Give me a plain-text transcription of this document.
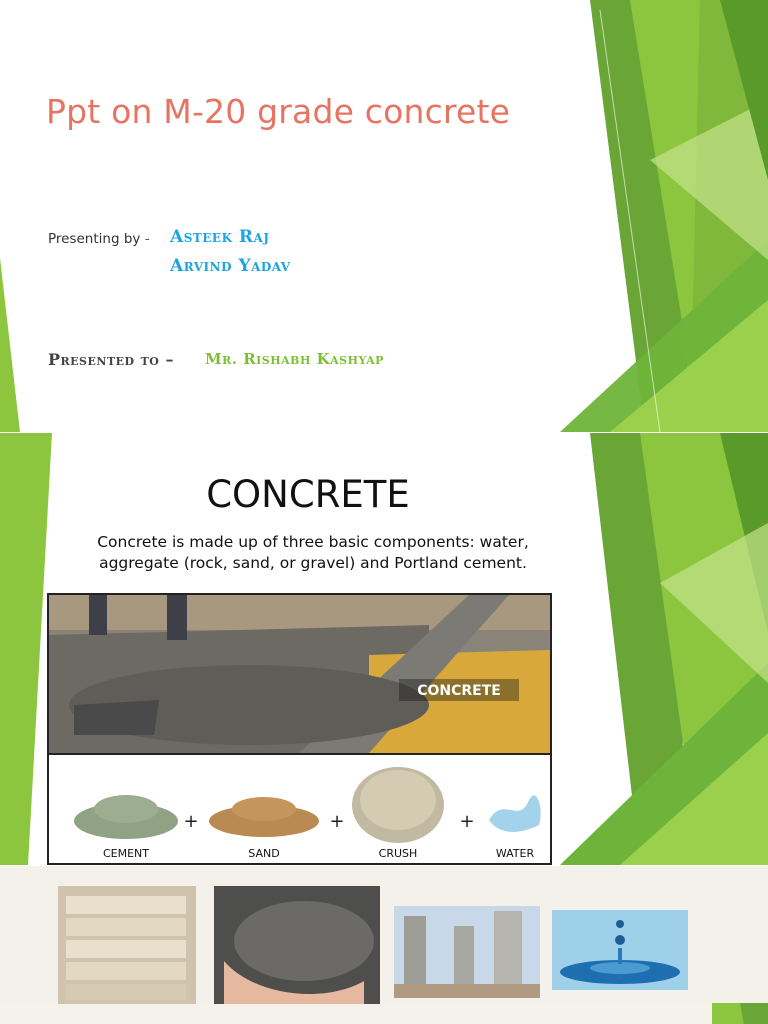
Ppt on M-20 grade concrete
Presenting by - Asteek Raj
Arvind Yadav
Presented to – Mr. Rishabh Kashyap
CONCRETE
Concrete is made up of three basic components: water,
aggregate (rock, sand, or gravel) and Portland cement.
CONCRETE
+	+	+
CEMENT	SAND	CRUSH	WATER
